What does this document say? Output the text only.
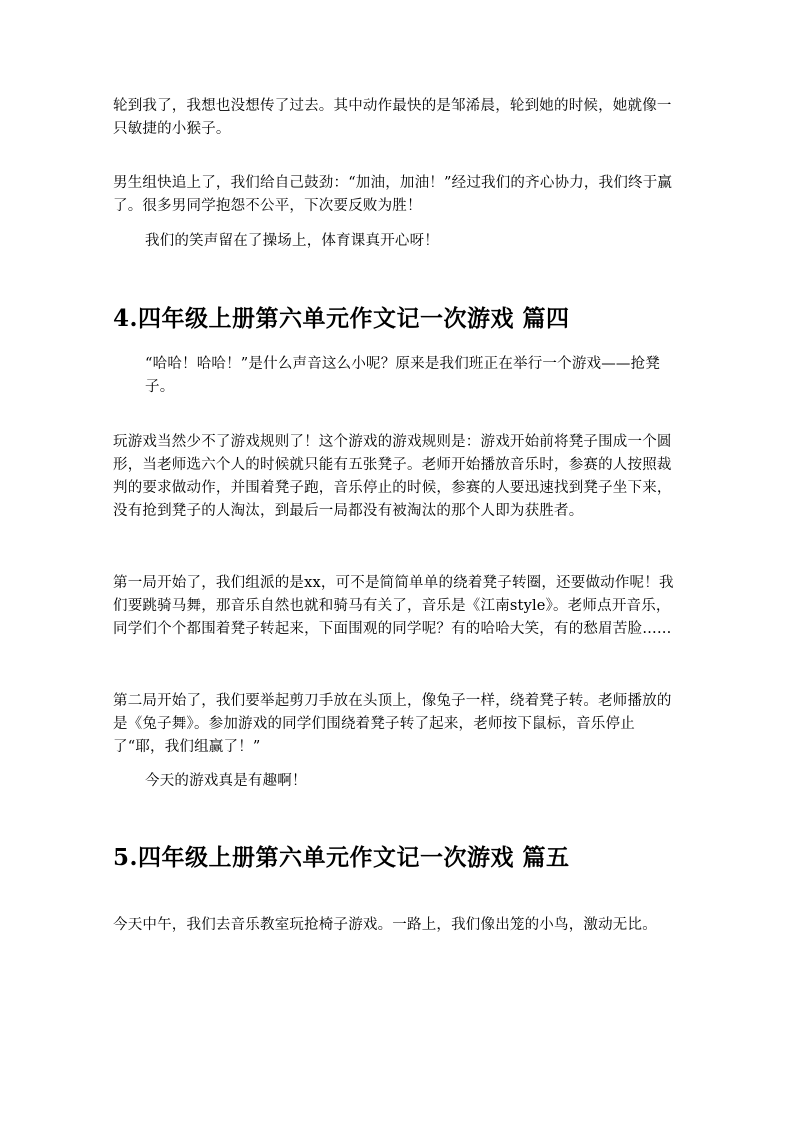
轮到我了，我想也没想传了过去。其中动作最快的是邹浠晨，轮到她的时候，她就像一只敏捷的小猴子。

男生组快追上了，我们给自己鼓劲：“加油，加油！”经过我们的齐心协力，我们终于赢了。很多男同学抱怨不公平，下次要反败为胜！

我们的笑声留在了操场上，体育课真开心呀！

4.四年级上册第六单元作文记一次游戏 篇四

“哈哈！哈哈！”是什么声音这么小呢？原来是我们班正在举行一个游戏——抢凳子。

玩游戏当然少不了游戏规则了！这个游戏的游戏规则是：游戏开始前将凳子围成一个圆形，当老师选六个人的时候就只能有五张凳子。老师开始播放音乐时，参赛的人按照裁判的要求做动作，并围着凳子跑，音乐停止的时候，参赛的人要迅速找到凳子坐下来，没有抢到凳子的人淘汰，到最后一局都没有被淘汰的那个人即为获胜者。

第一局开始了，我们组派的是xx，可不是简简单单的绕着凳子转圈，还要做动作呢！我们要跳骑马舞，那音乐自然也就和骑马有关了，音乐是《江南style》。老师点开音乐，同学们个个都围着凳子转起来，下面围观的同学呢？有的哈哈大笑，有的愁眉苦脸……

第二局开始了，我们要举起剪刀手放在头顶上，像兔子一样，绕着凳子转。老师播放的是《兔子舞》。参加游戏的同学们围绕着凳子转了起来，老师按下鼠标，音乐停止了“耶，我们组赢了！”

今天的游戏真是有趣啊！

5.四年级上册第六单元作文记一次游戏 篇五

今天中午，我们去音乐教室玩抢椅子游戏。一路上，我们像出笼的小鸟，激动无比。
